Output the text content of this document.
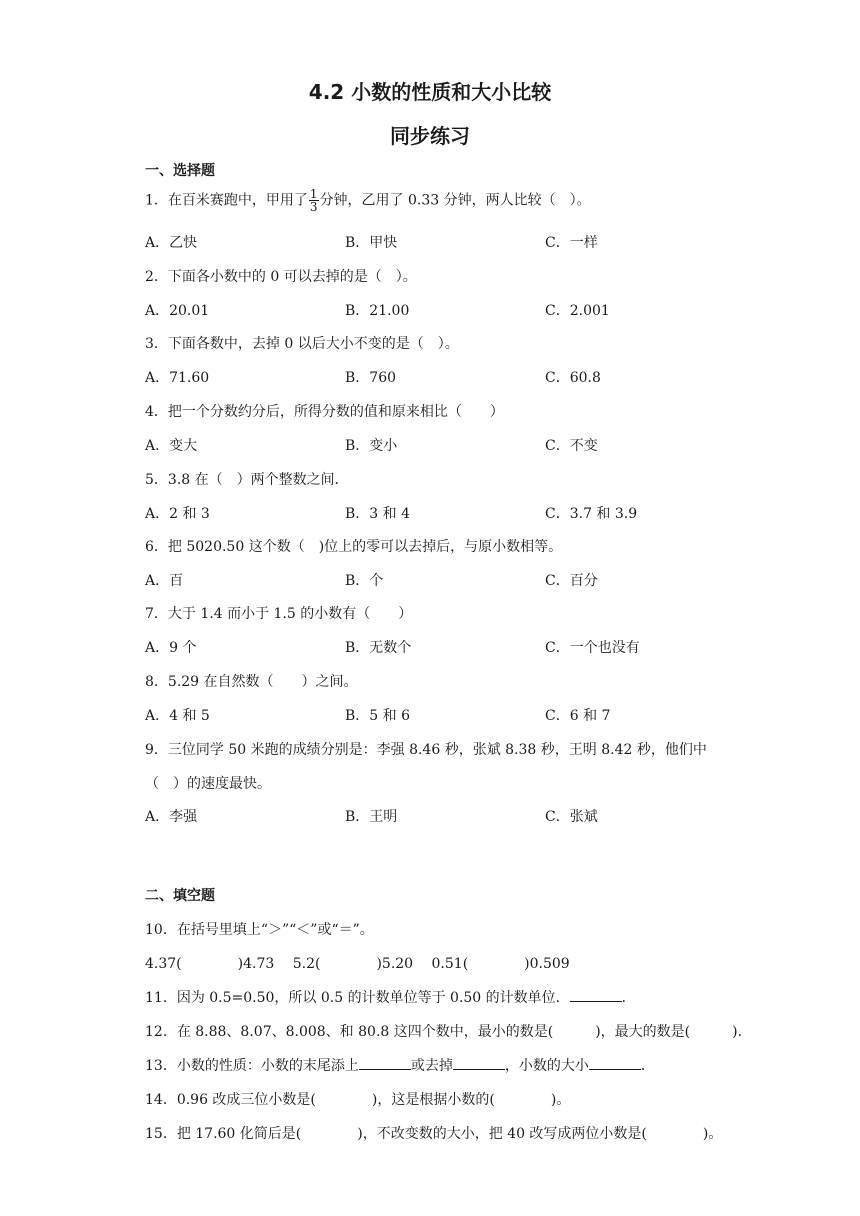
4.2 小数的性质和大小比较
同步练习
一、选择题
1．在百米赛跑中，甲用了 $\frac{1}{3}$ 分钟，乙用了 0.33 分钟，两人比较（　）。
A．乙快	B．甲快	C．一样
2．下面各小数中的 0 可以去掉的是（　）。
A．20.01	B．21.00	C．2.001
3．下面各数中，去掉 0 以后大小不变的是（　）。
A．71.60	B．760	C．60.8
4．把一个分数约分后，所得分数的值和原来相比（　　）
A．变大	B．变小	C．不变
5．3.8 在（　）两个整数之间．
A．2 和 3	B．3 和 4	C．3.7 和 3.9
6．把 5020.50 这个数（　)位上的零可以去掉后，与原小数相等。
A．百	B．个	C．百分
7．大于 1.4 而小于 1.5 的小数有（　　）
A．9 个	B．无数个	C．一个也没有
8．5.29 在自然数（　　）之间。
A．4 和 5	B．5 和 6	C．6 和 7
9．三位同学 50 米跑的成绩分别是：李强 8.46 秒，张斌 8.38 秒，王明 8.42 秒，他们中
（　）的速度最快。
A．李强	B．王明	C．张斌
二、填空题
10．在括号里填上“＞”“＜”或“＝”。
4.37(　　　　)4.73　 5.2(　　　　)5.20　 0.51(　　　　)0.509
11．因为 0.5=0.50，所以 0.5 的计数单位等于 0.50 的计数单位．	．
12．在 8.88、8.07、8.008、和 80.8 这四个数中，最小的数是(　　　)，最大的数是(　　　)．
13．小数的性质：小数的末尾添上	或去掉	，小数的大小	．
14．0.96 改成三位小数是(　　　　)，这是根据小数的(　　　　)。
15．把 17.60 化简后是(　　　　)，不改变数的大小，把 40 改写成两位小数是(　　　　)。
